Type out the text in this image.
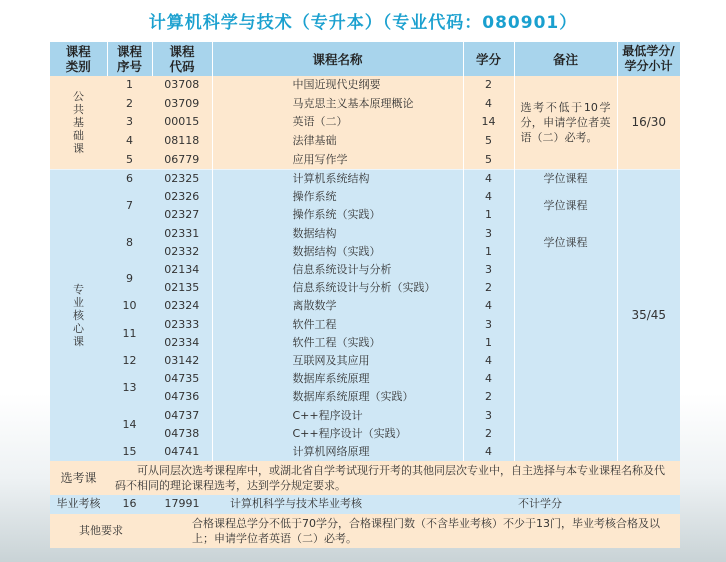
计算机科学与技术（专升本）（专业代码：080901）
课程类别	课程序号	课程代码	课程名称	学分	备注	最低学分/学分小计

公共基础课	1	03708	中国近现代史纲要	2	选考不低于10学分，申请学位者英语（二）必考。	16/30
	2	03709	马克思主义基本原理概论	4		
	3	00015	英语（二）	14		
	4	08118	法律基础	5		
	5	06779	应用写作学	5		

专业核心课	6	02325	计算机系统结构	4	学位课程	35/45
	7	02326	操作系统	4	学位课程	
		02327	操作系统（实践）	1		
	8	02331	数据结构	3	学位课程	
		02332	数据结构（实践）	1		
	9	02134	信息系统设计与分析	3		
		02135	信息系统设计与分析（实践）	2		
	10	02324	离散数学	4		
	11	02333	软件工程	3		
		02334	软件工程（实践）	1		
	12	03142	互联网及其应用	4		
	13	04735	数据库系统原理	4		
		04736	数据库系统原理（实践）	2		
	14	04737	C++程序设计	3		
		04738	C++程序设计（实践）	2		
	15	04741	计算机网络原理	4		
选考课	可从同层次选考课程库中，或湖北省自学考试现行开考的其他同层次专业中，自主选择与本专业课程名称及代码不相同的理论课程选考，达到学分规定要求。					
毕业考核	16	17991	计算机科学与技术毕业考核		不计学分	
其他要求		合格课程总学分不低于70学分，合格课程门数（不含毕业考核）不少于13门，毕业考核合格及以上；申请学位者英语（二）必考。				
